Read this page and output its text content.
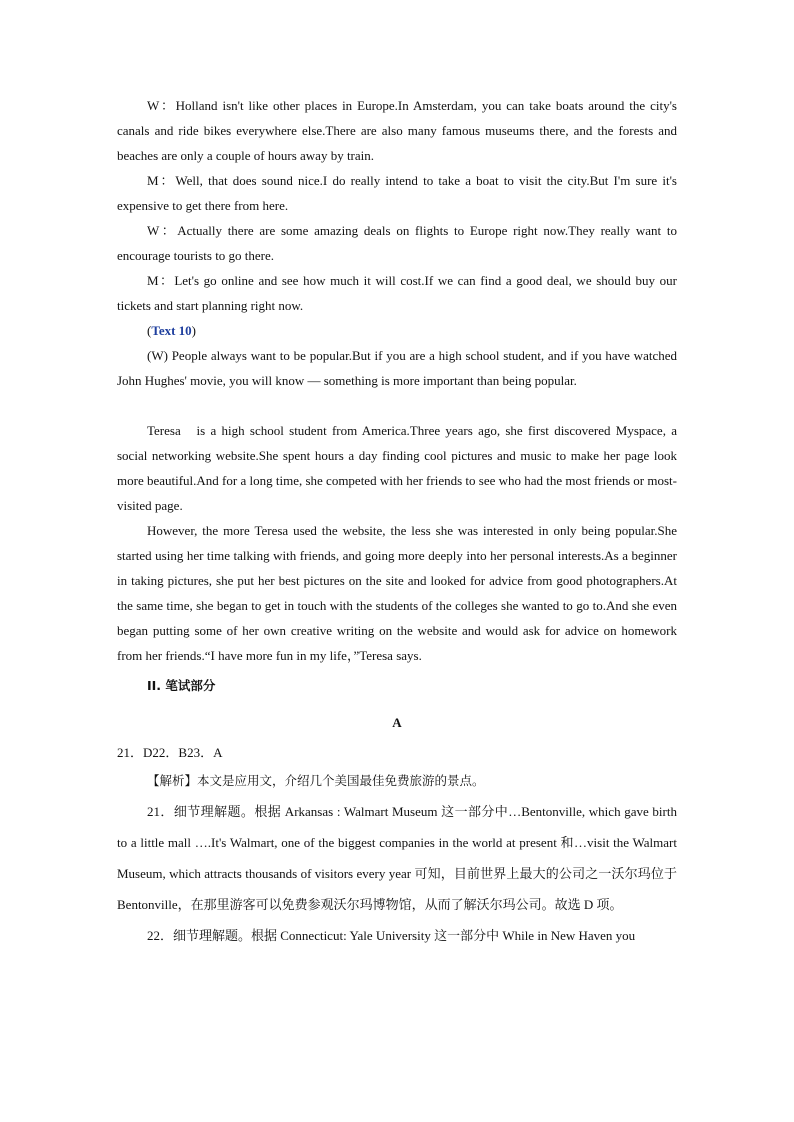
W：Holland isn't like other places in Europe.In Amsterdam, you can take boats around the city's canals and ride bikes everywhere else.There are also many famous museums there, and the forests and beaches are only a couple of hours away by train.

M：Well, that does sound nice.I do really intend to take a boat to visit the city.But I'm sure it's expensive to get there from here.

W：Actually there are some amazing deals on flights to Europe right now.They really want to encourage tourists to go there.

M：Let's go online and see how much it will cost.If we can find a good deal, we should buy our tickets and start planning right now.

(Text 10)

(W) People always want to be popular.But if you are a high school student, and if you have watched John Hughes' movie, you will know — something is more important than being popular.

Teresa   is a high school student from America.Three years ago, she first discovered Myspace, a social networking website.She spent hours a day finding cool pictures and music to make her page look more beautiful.And for a long time, she competed with her friends to see who had the most friends or most-visited page.

However, the more Teresa used the website, the less she was interested in only being popular.She started using her time talking with friends, and going more deeply into her personal interests.As a beginner in taking pictures, she put her best pictures on the site and looked for advice from good photographers.At the same time, she began to get in touch with the students of the colleges she wanted to go to.And she even began putting some of her own creative writing on the website and would ask for advice on homework from her friends.“I have more fun in my life，”Teresa says.

II. 笔试部分

A

21．D22．B23．A

【解析】本文是应用文，介绍几个美国最佳免费旅游的景点。

21．细节理解题。根据 Arkansas : Walmart Museum 这一部分中…Bentonville, which gave birth to a little mall ….It's Walmart, one of the biggest companies in the world at present 和…visit the Walmart Museum, which attracts thousands of visitors every year 可知，目前世界上最大的公司之一沃尔玛位于 Bentonville，在那里游客可以免费参观沃尔玛博物馆，从而了解沃尔玛公司。故选 D 项。

22．细节理解题。根据 Connecticut: Yale University 这一部分中 While in New Haven you
